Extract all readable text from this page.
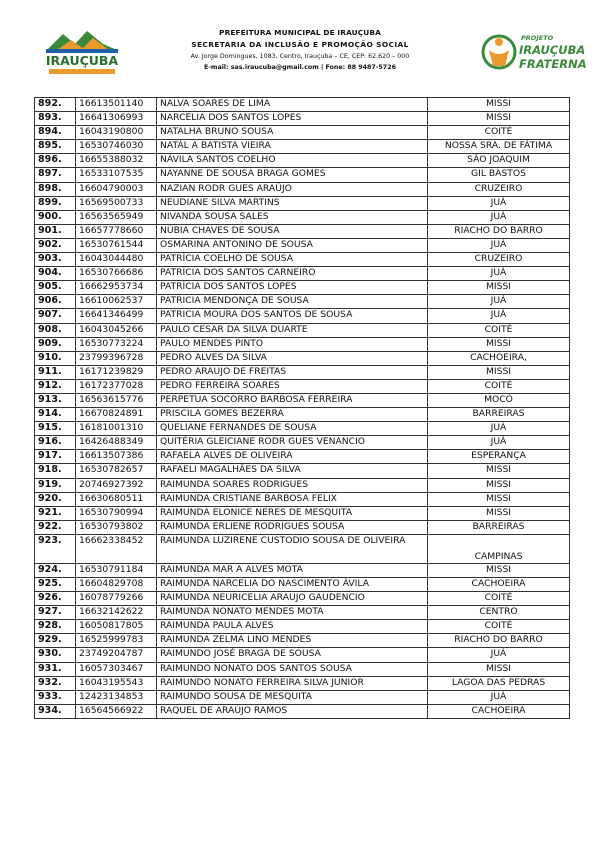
IRAUÇUBA
PREFEITURA MUNICIPAL DE IRAUÇUBA
SECRETARIA DA INCLUSÃO E PROMOÇÃO SOCIAL
Av. Jorge Domingues, 1083, Centro, Irauçuba – CE, CEP: 62.620 – 000
E-mail: sas.iraucuba@gmail.com | Fone: 88 9487-5726
PROJETO
IRAUÇUBA
FRATERNA
892.	16613501140	NALVA SOARES DE LIMA	MISSI
893.	16641306993	NARCELIA DOS SANTOS LOPES	MISSI
894.	16043190800	NATALHA BRUNO SOUSA	COITÉ
895.	16530746030	NATÁL A BATISTA VIEIRA	NOSSA SRA. DE FÁTIMA
896.	16655388032	NÁVILA SANTOS COELHO	SÃO JOAQUIM
897.	16533107535	NAYANNE DE SOUSA BRAGA GOMES	GIL BASTOS
898.	16604790003	NAZIAN RODR GUES ARAÚJO	CRUZEIRO
899.	16569500733	NEUDIANE SILVA MARTINS	JUÁ
900.	16563565949	NIVANDA SOUSA SALES	JUÁ
901.	16657778660	NÚBIA CHAVES DE SOUSA	RIACHO DO BARRO
902.	16530761544	OSMARINA ANTONINO DE SOUSA	JUÁ
903.	16043044480	PATRÍCIA COELHO DE SOUSA	CRUZEIRO
904.	16530766686	PATRÍCIA DOS SANTOS CARNEIRO	JUÁ
905.	16662953734	PATRÍCIA DOS SANTOS LOPES	MISSI
906.	16610062537	PATRICIA MENDONÇA DE SOUSA	JUÁ
907.	16641346499	PATRICIA MOURA DOS SANTOS DE SOUSA	JUÁ
908.	16043045266	PAULO CESAR DA SILVA DUARTE	COITÉ
909.	16530773224	PAULO MENDES PINTO	MISSI
910.	23799396728	PEDRO ALVES DA SILVA	CACHOEIRA,
911.	16171239829	PEDRO ARAUJO DE FREITAS	MISSI
912.	16172377028	PEDRO FERREIRA SOARES	COITÉ
913.	16563615776	PERPETUA SOCORRO BARBOSA FERREIRA	MOCÓ
914.	16670824891	PRISCILA GOMES BEZERRA	BARREIRAS
915.	16181001310	QUELIANE FERNANDES DE SOUSA	JUÁ
916.	16426488349	QUITÉRIA GLEICIANE RODR GUES VENANCIO	JUÁ
917.	16613507386	RAFAELA ALVES DE OLIVEIRA	ESPERANÇA
918.	16530782657	RAFAELI MAGALHÃES DA SILVA	MISSI
919.	20746927392	RAIMUNDA SOARES RODRIGUES	MISSI
920.	16630680511	RAIMUNDA CRISTIANE BARBOSA FELIX	MISSI
921.	16530790994	RAIMUNDA ELONICE NERES DE MESQUITA	MISSI
922.	16530793802	RAIMUNDA ERLIENE RODRIGUES SOUSA	BARREIRAS
923.	16662338452	RAIMUNDA LUZIRENE CUSTODIO SOUSA DE OLIVEIRA	CAMPINAS
924.	16530791184	RAIMUNDA MAR A ALVES MOTA	MISSI
925.	16604829708	RAIMUNDA NARCELIA DO NASCIMENTO ÁVILA	CACHOEIRA
926.	16078779266	RAIMUNDA NEURICELIA ARAUJO GAUDENCIO	COITÉ
927.	16632142622	RAIMUNDA NONATO MENDES MOTA	CENTRO
928.	16050817805	RAIMUNDA PAULA ALVES	COITÉ
929.	16525999783	RAIMUNDA ZELMA LINO MENDES	RIACHO DO BARRO
930.	23749204787	RAIMUNDO JOSÉ BRAGA DE SOUSA	JUÁ
931.	16057303467	RAIMUNDO NONATO DOS SANTOS SOUSA	MISSI
932.	16043195543	RAIMUNDO NONATO FERREIRA SILVA JUNIOR	LAGOA DAS PEDRAS
933.	12423134853	RAIMUNDO SOUSA DE MESQUITA	JUÁ
934.	16564566922	RAQUEL DE ARAÚJO RAMOS	CACHOEIRA
